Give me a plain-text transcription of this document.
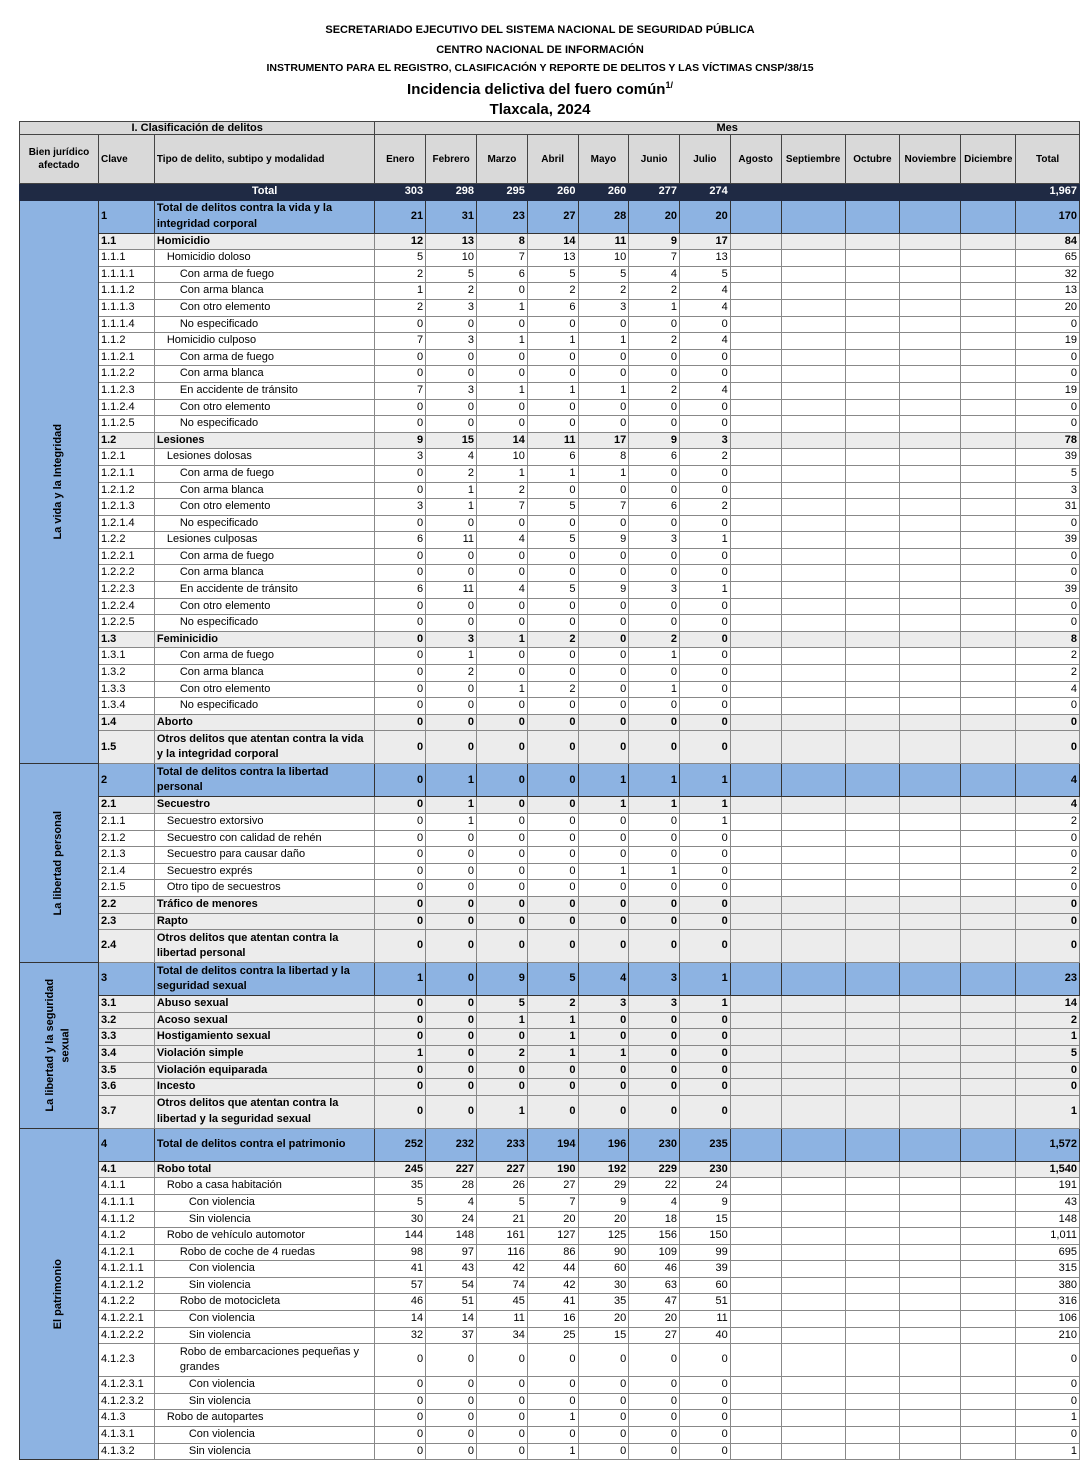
SECRETARIADO EJECUTIVO DEL SISTEMA NACIONAL DE SEGURIDAD PÚBLICA
CENTRO NACIONAL DE INFORMACIÓN
INSTRUMENTO PARA EL REGISTRO, CLASIFICACIÓN Y REPORTE DE DELITOS Y LAS VÍCTIMAS CNSP/38/15
Incidencia delictiva del fuero común$^{1/}$
Tlaxcala, 2024
I. Clasificación de delitos			Mes												
Bien jurídico afectado	Clave	Tipo de delito, subtipo y modalidad	Enero	Febrero	Marzo	Abril	Mayo	Junio	Julio	Agosto	Septiembre	Octubre	Noviembre	Diciembre	Total
		Total	303	298	295	260	260	277	274						1,967

La vida y la Integridad	1	Total de delitos contra la vida y la integridad corporal	21	31	23	27	28	20	20						170
	1.1	Homicidio	12	13	8	14	11	9	17						84
	1.1.1	Homicidio doloso	5	10	7	13	10	7	13						65
	1.1.1.1	Con arma de fuego	2	5	6	5	5	4	5						32
	1.1.1.2	Con arma blanca	1	2	0	2	2	2	4						13
	1.1.1.3	Con otro elemento	2	3	1	6	3	1	4						20
	1.1.1.4	No especificado	0	0	0	0	0	0	0						0
	1.1.2	Homicidio culposo	7	3	1	1	1	2	4						19
	1.1.2.1	Con arma de fuego	0	0	0	0	0	0	0						0
	1.1.2.2	Con arma blanca	0	0	0	0	0	0	0						0
	1.1.2.3	En accidente de tránsito	7	3	1	1	1	2	4						19
	1.1.2.4	Con otro elemento	0	0	0	0	0	0	0						0
	1.1.2.5	No especificado	0	0	0	0	0	0	0						0
	1.2	Lesiones	9	15	14	11	17	9	3						78
	1.2.1	Lesiones dolosas	3	4	10	6	8	6	2						39
	1.2.1.1	Con arma de fuego	0	2	1	1	1	0	0						5
	1.2.1.2	Con arma blanca	0	1	2	0	0	0	0						3
	1.2.1.3	Con otro elemento	3	1	7	5	7	6	2						31
	1.2.1.4	No especificado	0	0	0	0	0	0	0						0
	1.2.2	Lesiones culposas	6	11	4	5	9	3	1						39
	1.2.2.1	Con arma de fuego	0	0	0	0	0	0	0						0
	1.2.2.2	Con arma blanca	0	0	0	0	0	0	0						0
	1.2.2.3	En accidente de tránsito	6	11	4	5	9	3	1						39
	1.2.2.4	Con otro elemento	0	0	0	0	0	0	0						0
	1.2.2.5	No especificado	0	0	0	0	0	0	0						0
	1.3	Feminicidio	0	3	1	2	0	2	0						8
	1.3.1	Con arma de fuego	0	1	0	0	0	1	0						2
	1.3.2	Con arma blanca	0	2	0	0	0	0	0						2
	1.3.3	Con otro elemento	0	0	1	2	0	1	0						4
	1.3.4	No especificado	0	0	0	0	0	0	0						0
	1.4	Aborto	0	0	0	0	0	0	0						0
	1.5	Otros delitos que atentan contra la vida y la integridad corporal	0	0	0	0	0	0	0						0

La libertad personal	2	Total de delitos contra la libertad personal	0	1	0	0	1	1	1						4
	2.1	Secuestro	0	1	0	0	1	1	1						4
	2.1.1	Secuestro extorsivo	0	1	0	0	0	0	1						2
	2.1.2	Secuestro con calidad de rehén	0	0	0	0	0	0	0						0
	2.1.3	Secuestro para causar daño	0	0	0	0	0	0	0						0
	2.1.4	Secuestro exprés	0	0	0	0	1	1	0						2
	2.1.5	Otro tipo de secuestros	0	0	0	0	0	0	0						0
	2.2	Tráfico de menores	0	0	0	0	0	0	0						0
	2.3	Rapto	0	0	0	0	0	0	0						0
	2.4	Otros delitos que atentan contra la libertad personal	0	0	0	0	0	0	0						0

La libertad y la seguridad sexual	3	Total de delitos contra la libertad y la seguridad sexual	1	0	9	5	4	3	1						23
	3.1	Abuso sexual	0	0	5	2	3	3	1						14
	3.2	Acoso sexual	0	0	1	1	0	0	0						2
	3.3	Hostigamiento sexual	0	0	0	1	0	0	0						1
	3.4	Violación simple	1	0	2	1	1	0	0						5
	3.5	Violación equiparada	0	0	0	0	0	0	0						0
	3.6	Incesto	0	0	0	0	0	0	0						0
	3.7	Otros delitos que atentan contra la libertad y la seguridad sexual	0	0	1	0	0	0	0						1

El patrimonio	4	Total de delitos contra el patrimonio	252	232	233	194	196	230	235						1,572
	4.1	Robo total	245	227	227	190	192	229	230						1,540
	4.1.1	Robo a casa habitación	35	28	26	27	29	22	24						191
	4.1.1.1	Con violencia	5	4	5	7	9	4	9						43
	4.1.1.2	Sin violencia	30	24	21	20	20	18	15						148
	4.1.2	Robo de vehículo automotor	144	148	161	127	125	156	150						1,011
	4.1.2.1	Robo de coche de 4 ruedas	98	97	116	86	90	109	99						695
	4.1.2.1.1	Con violencia	41	43	42	44	60	46	39						315
	4.1.2.1.2	Sin violencia	57	54	74	42	30	63	60						380
	4.1.2.2	Robo de motocicleta	46	51	45	41	35	47	51						316
	4.1.2.2.1	Con violencia	14	14	11	16	20	20	11						106
	4.1.2.2.2	Sin violencia	32	37	34	25	15	27	40						210
	4.1.2.3	Robo de embarcaciones pequeñas y grandes	0	0	0	0	0	0	0						0
	4.1.2.3.1	Con violencia	0	0	0	0	0	0	0						0
	4.1.2.3.2	Sin violencia	0	0	0	0	0	0	0						0
	4.1.3	Robo de autopartes	0	0	0	1	0	0	0						1
	4.1.3.1	Con violencia	0	0	0	0	0	0	0						0
	4.1.3.2	Sin violencia	0	0	0	1	0	0	0						1
